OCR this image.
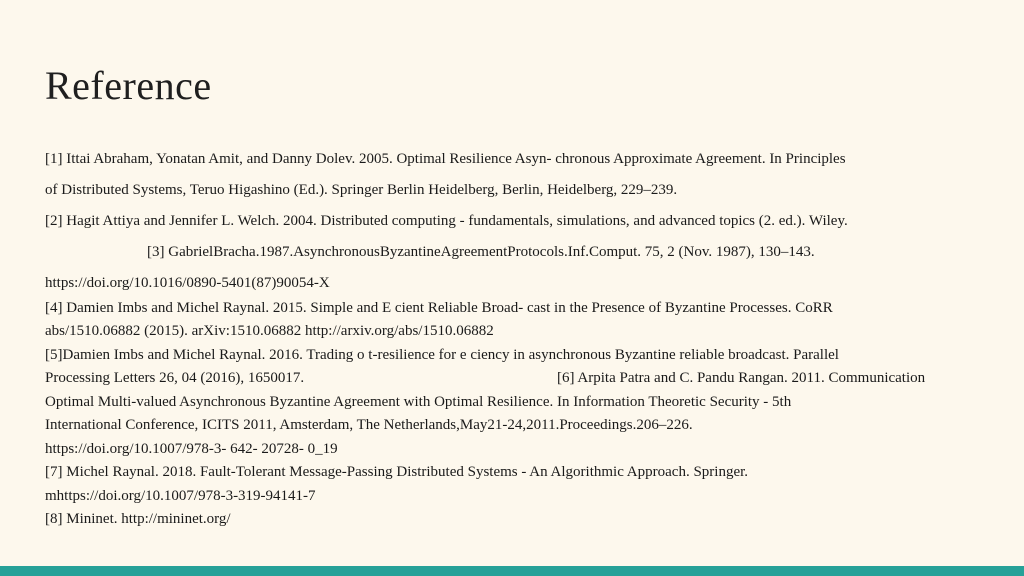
Reference
[1] Ittai Abraham, Yonatan Amit, and Danny Dolev. 2005. Optimal Resilience Asyn- chronous Approximate Agreement. In Principles
of Distributed Systems, Teruo Higashino (Ed.). Springer Berlin Heidelberg, Berlin, Heidelberg, 229–239.
[2] Hagit Attiya and Jennifer L. Welch. 2004. Distributed computing - fundamentals, simulations, and advanced topics (2. ed.). Wiley.
[3] GabrielBracha.1987.AsynchronousByzantineAgreementProtocols.Inf.Comput. 75, 2 (Nov. 1987), 130–143.
https://doi.org/10.1016/0890-5401(87)90054-X
[4] Damien Imbs and Michel Raynal. 2015. Simple and E cient Reliable Broad- cast in the Presence of Byzantine Processes. CoRR
abs/1510.06882 (2015). arXiv:1510.06882 http://arxiv.org/abs/1510.06882
[5]Damien Imbs and Michel Raynal. 2016. Trading o t-resilience for e ciency in asynchronous Byzantine reliable broadcast. Parallel
Processing Letters 26, 04 (2016), 1650017.	[6] Arpita Patra and C. Pandu Rangan. 2011. Communication
Optimal Multi-valued Asynchronous Byzantine Agreement with Optimal Resilience. In Information Theoretic Security - 5th
International Conference, ICITS 2011, Amsterdam, The Netherlands,May21-24,2011.Proceedings.206–226.
https://doi.org/10.1007/978-3- 642- 20728- 0_19
[7] Michel Raynal. 2018. Fault-Tolerant Message-Passing Distributed Systems - An Algorithmic Approach. Springer.
mhttps://doi.org/10.1007/978-3-319-94141-7
[8] Mininet. http://mininet.org/
